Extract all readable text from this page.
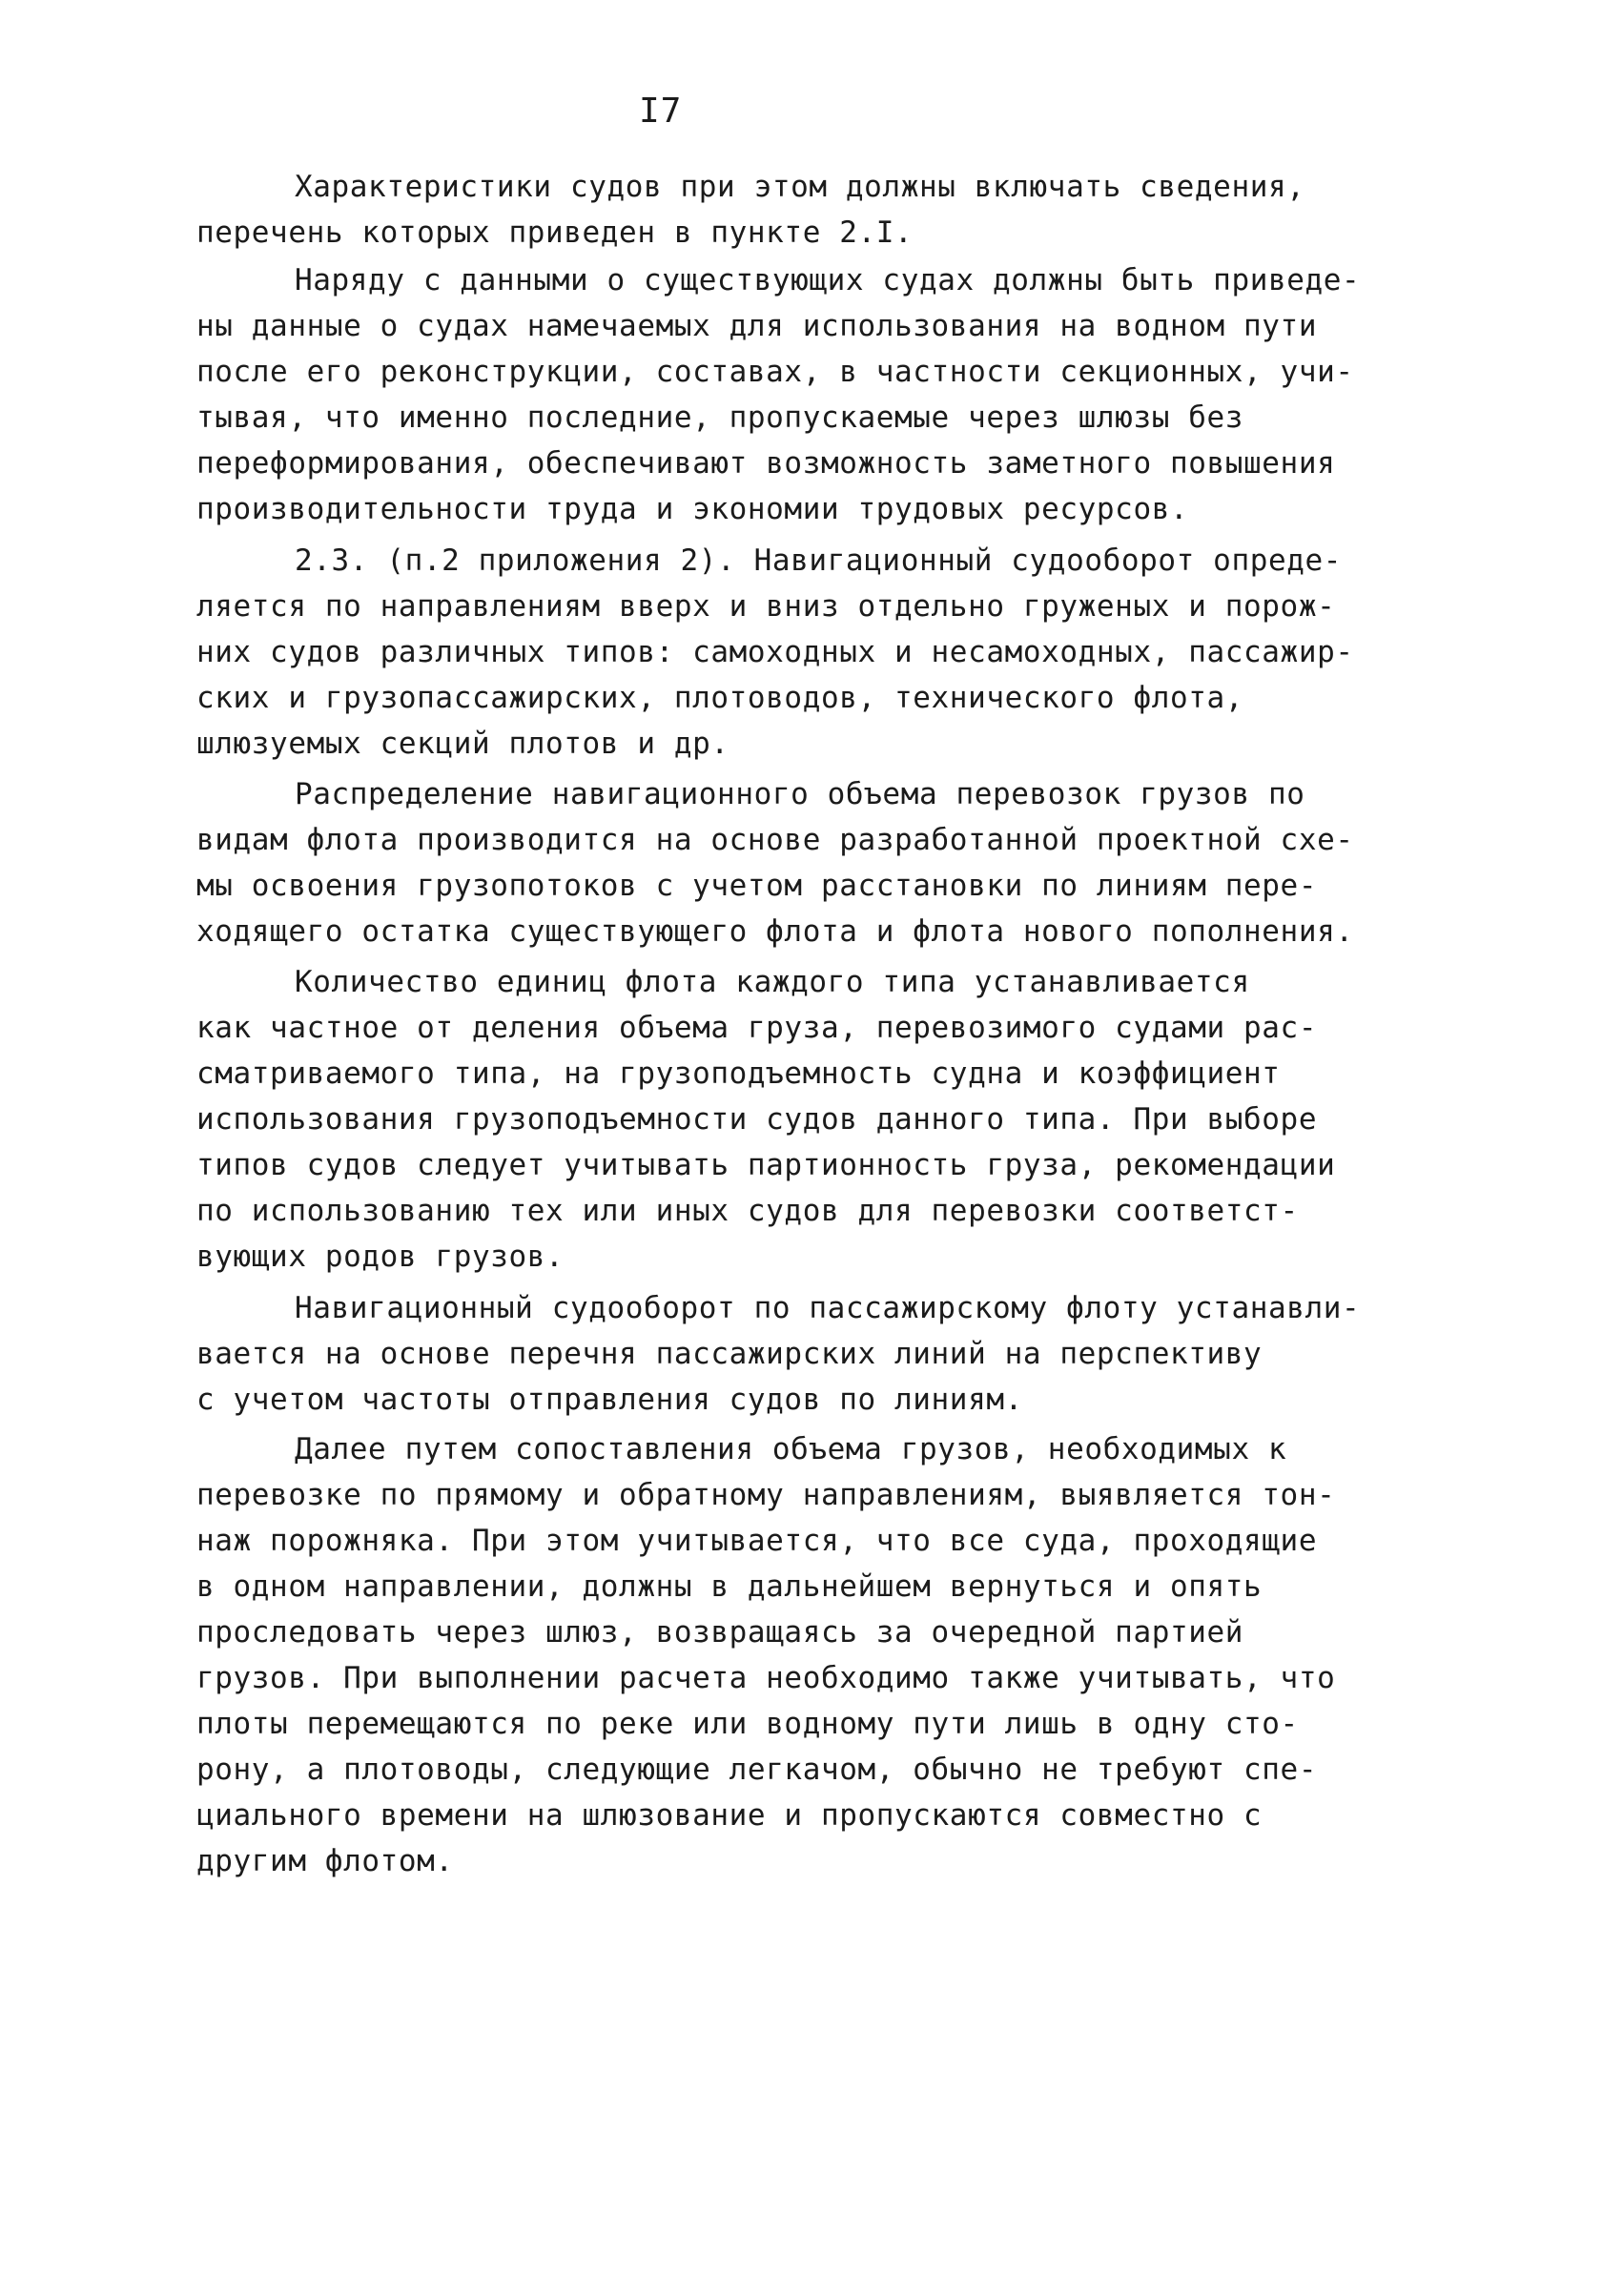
I7
Характеристики судов при этом должны включать сведения,
перечень которых приведен в пункте 2.I.
Наряду с данными о существующих судах должны быть приведе-
ны данные о судах намечаемых для использования на водном пути
после его реконструкции, составах, в частности секционных, учи-
тывая, что именно последние, пропускаемые через шлюзы без
переформирования, обеспечивают возможность заметного повышения
производительности труда и экономии трудовых ресурсов.
2.3. (п.2 приложения 2). Навигационный судооборот опреде-
ляется по направлениям вверх и вниз отдельно груженых и порож-
них судов различных типов: самоходных и несамоходных, пассажир-
ских и грузопассажирских, плотоводов, технического флота,
шлюзуемых секций плотов и др.
Распределение навигационного объема перевозок грузов по
видам флота производится на основе разработанной проектной схе-
мы освоения грузопотоков с учетом расстановки по линиям пере-
ходящего остатка существующего флота и флота нового пополнения.
Количество единиц флота каждого типа устанавливается
как частное от деления объема груза, перевозимого судами рас-
сматриваемого типа, на грузоподъемность судна и коэффициент
использования грузоподъемности судов данного типа. При выборе
типов судов следует учитывать партионность груза, рекомендации
по использованию тех или иных судов для перевозки соответст-
вующих родов грузов.
Навигационный судооборот по пассажирскому флоту устанавли-
вается на основе перечня пассажирских линий на перспективу
с учетом частоты отправления судов по линиям.
Далее путем сопоставления объема грузов, необходимых к
перевозке по прямому и обратному направлениям, выявляется тон-
наж порожняка. При этом учитывается, что все суда, проходящие
в одном направлении, должны в дальнейшем вернуться и опять
проследовать через шлюз, возвращаясь за очередной партией
грузов. При выполнении расчета необходимо также учитывать, что
плоты перемещаются по реке или водному пути лишь в одну сто-
рону, а плотоводы, следующие легкачом, обычно не требуют спе-
циального времени на шлюзование и пропускаются совместно с
другим флотом.
